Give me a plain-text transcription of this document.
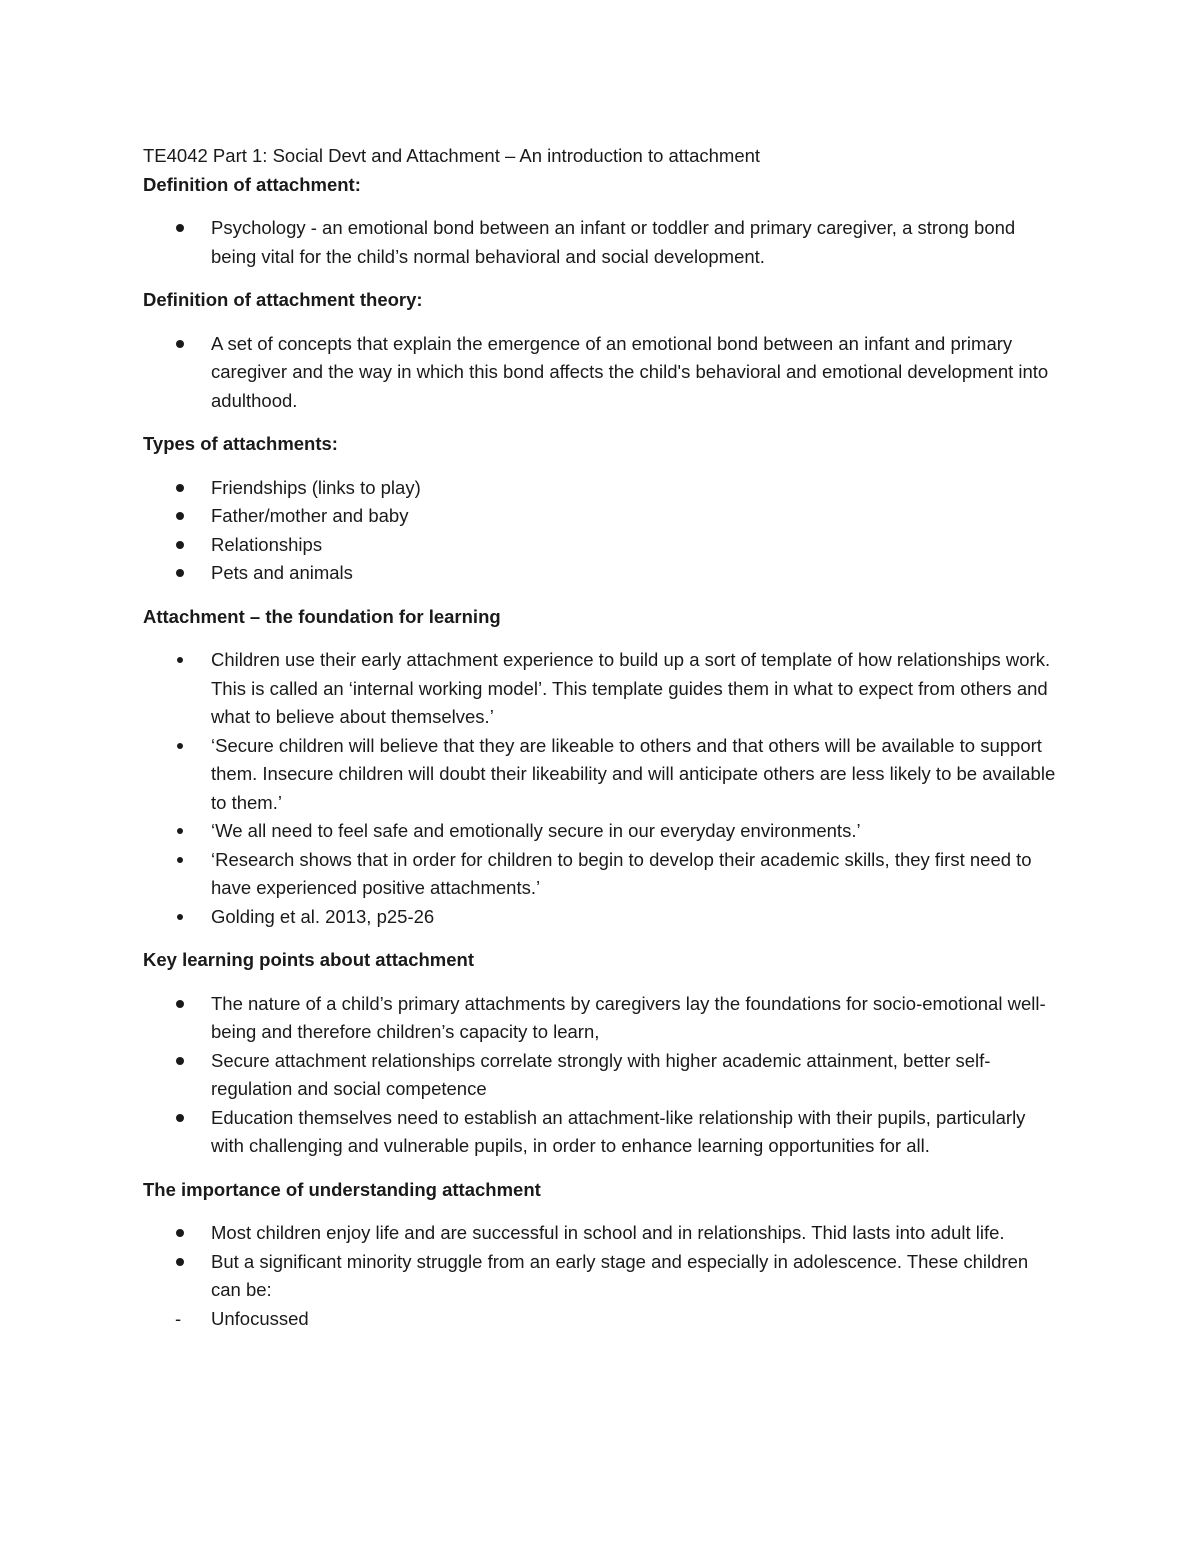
TE4042 Part 1: Social Devt and Attachment – An introduction to attachment

Definition of attachment:

Psychology - an emotional bond between an infant or toddler and primary caregiver, a strong bond being vital for the child’s normal behavioral and social development.

Definition of attachment theory:

A set of concepts that explain the emergence of an emotional bond between an infant and primary caregiver and the way in which this bond affects the child's behavioral and emotional development into adulthood.

Types of attachments:

Friendships (links to play)
Father/mother and baby
Relationships
Pets and animals

Attachment – the foundation for learning

Children use their early attachment experience to build up a sort of template of how relationships work. This is called an ‘internal working model’. This template guides them in what to expect from others and what to believe about themselves.’
‘Secure children will believe that they are likeable to others and that others will be available to support them. Insecure children will doubt their likeability and will anticipate others are less likely to be available to them.’
‘We all need to feel safe and emotionally secure in our everyday environments.’
‘Research shows that in order for children to begin to develop their academic skills, they first need to have experienced positive attachments.’
Golding et al. 2013, p25-26

Key learning points about attachment

The nature of a child’s primary attachments by caregivers lay the foundations for socio-emotional well-being and therefore children’s capacity to learn,
Secure attachment relationships correlate strongly with higher academic attainment, better self-regulation and social competence
Education themselves need to establish an attachment-like relationship with their pupils, particularly with challenging and vulnerable pupils, in order to enhance learning opportunities for all.

The importance of understanding attachment

Most children enjoy life and are successful in school and in relationships. Thid lasts into adult life.
But a significant minority struggle from an early stage and especially in adolescence. These children can be:
- Unfocussed
